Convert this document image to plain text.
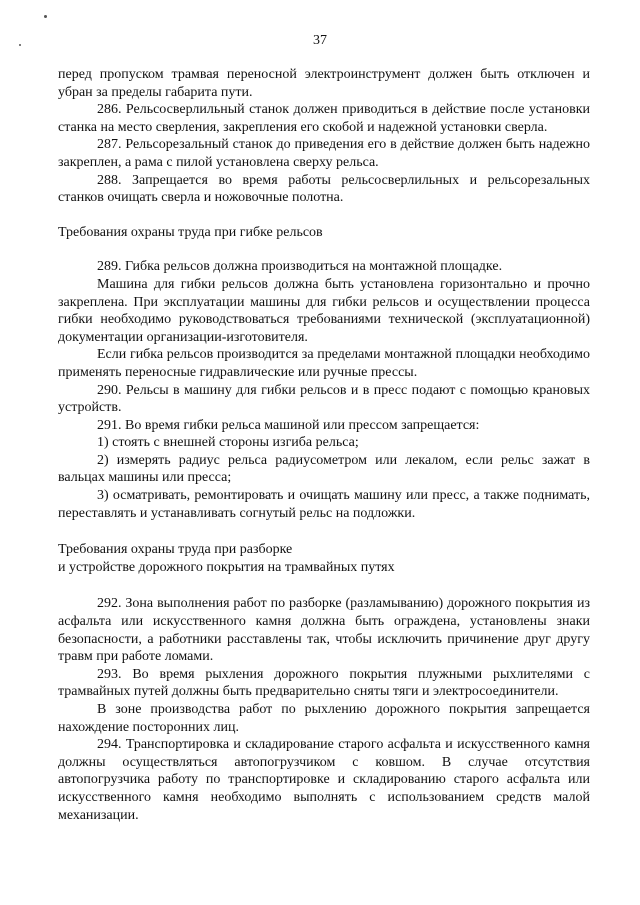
37

перед пропуском трамвая переносной электроинструмент должен быть отключен и убран за пределы габарита пути.

286. Рельсосверлильный станок должен приводиться в действие после установки станка на место сверления, закрепления его скобой и надежной установки сверла.

287. Рельсорезальный станок до приведения его в действие должен быть надежно закреплен, а рама с пилой установлена сверху рельса.

288. Запрещается во время работы рельсосверлильных и рельсорезальных станков очищать сверла и ножовочные полотна.

Требования охраны труда при гибке рельсов

289. Гибка рельсов должна производиться на монтажной площадке.

Машина для гибки рельсов должна быть установлена горизонтально и прочно закреплена. При эксплуатации машины для гибки рельсов и осуществлении процесса гибки необходимо руководствоваться требованиями технической (эксплуатационной) документации организации-изготовителя.

Если гибка рельсов производится за пределами монтажной площадки необходимо применять переносные гидравлические или ручные прессы.

290. Рельсы в машину для гибки рельсов и в пресс подают с помощью крановых устройств.

291. Во время гибки рельса машиной или прессом запрещается:

1) стоять с внешней стороны изгиба рельса;

2) измерять радиус рельса радиусометром или лекалом, если рельс зажат в вальцах машины или пресса;

3) осматривать, ремонтировать и очищать машину или пресс, а также поднимать, переставлять и устанавливать согнутый рельс на подложки.

Требования охраны труда при разборке

и устройстве дорожного покрытия на трамвайных путях

292. Зона выполнения работ по разборке (разламыванию) дорожного покрытия из асфальта или искусственного камня должна быть ограждена, установлены знаки безопасности, а работники расставлены так, чтобы исключить причинение друг другу травм при работе ломами.

293. Во время рыхления дорожного покрытия плужными рыхлителями с трамвайных путей должны быть предварительно сняты тяги и электросоединители.

В зоне производства работ по рыхлению дорожного покрытия запрещается нахождение посторонних лиц.

294. Транспортировка и складирование старого асфальта и искусственного камня должны осуществляться автопогрузчиком с ковшом. В случае отсутствия автопогрузчика работу по транспортировке и складированию старого асфальта или искусственного камня необходимо выполнять с использованием средств малой механизации.
